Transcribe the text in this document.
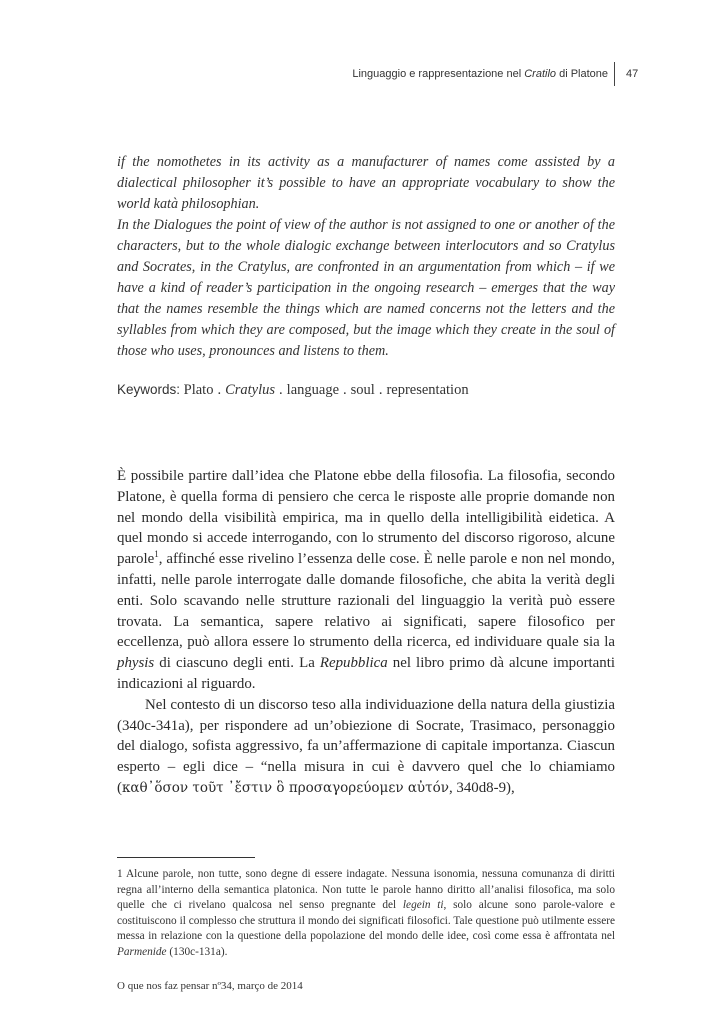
Linguaggio e rappresentazione nel Cratilo di Platone 47

if the nomothetes in its activity as a manufacturer of names come assisted by a dialectical philosopher it’s possible to have an appropriate vocabulary to show the world katà philosophian.

In the Dialogues the point of view of the author is not assigned to one or another of the characters, but to the whole dialogic exchange between interlocutors and so Cratylus and Socrates, in the Cratylus, are confronted in an argumentation from which – if we have a kind of reader’s participation in the ongoing research – emerges that the way that the names resemble the things which are named concerns not the letters and the syllables from which they are composed, but the image which they create in the soul of those who uses, pronounces and listens to them.

Keywords: Plato . Cratylus . language . soul . representation

È possibile partire dall’idea che Platone ebbe della filosofia. La filosofia, secondo Platone, è quella forma di pensiero che cerca le risposte alle proprie domande non nel mondo della visibilità empirica, ma in quello della intelligibilità eidetica. A quel mondo si accede interrogando, con lo strumento del discorso rigoroso, alcune parole$^1$, affinché esse rivelino l’essenza delle cose. È nelle parole e non nel mondo, infatti, nelle parole interrogate dalle domande filosofiche, che abita la verità degli enti. Solo scavando nelle strutture razionali del linguaggio la verità può essere trovata. La semantica, sapere relativo ai significati, sapere filosofico per eccellenza, può allora essere lo strumento della ricerca, ed individuare quale sia la physis di ciascuno degli enti. La Repubblica nel libro primo dà alcune importanti indicazioni al riguardo.

Nel contesto di un discorso teso alla individuazione della natura della giustizia (340c-341a), per rispondere ad un’obiezione di Socrate, Trasimaco, personaggio del dialogo, sofista aggressivo, fa un’affermazione di capitale importanza. Ciascun esperto – egli dice – “nella misura in cui è davvero quel che lo chiamiamo (καθ᾽ὅσον τοῦτ ᾽ἔστιν ὃ προσαγορεύομεν αὐτόν, 340d8-9),

1 Alcune parole, non tutte, sono degne di essere indagate. Nessuna isonomia, nessuna comunanza di diritti regna all’interno della semantica platonica. Non tutte le parole hanno diritto all’analisi filosofica, ma solo quelle che ci rivelano qualcosa nel senso pregnante del legein ti, solo alcune sono parole-valore e costituiscono il complesso che struttura il mondo dei significati filosofici. Tale questione può utilmente essere messa in relazione con la questione della popolazione del mondo delle idee, così come essa è affrontata nel Parmenide (130c-131a).
O que nos faz pensar nº34, março de 2014
